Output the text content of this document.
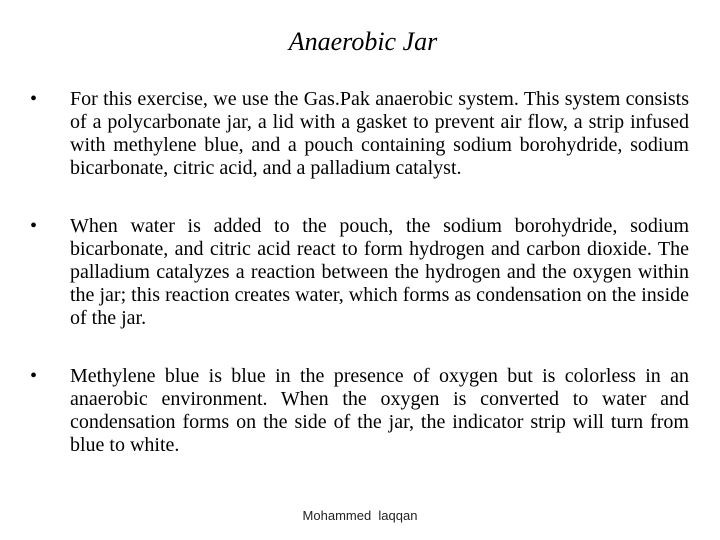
Anaerobic Jar
•	For this exercise, we use the Gas.Pak anaerobic system. This system consists of a polycarbonate jar, a lid with a gasket to prevent air flow, a strip infused with methylene blue, and a pouch containing sodium borohydride, sodium bicarbonate, citric acid, and a palladium catalyst.
•	When water is added to the pouch, the sodium borohydride, sodium bicarbonate, and citric acid react to form hydrogen and carbon dioxide. The palladium catalyzes a reaction between the hydrogen and the oxygen within the jar; this reaction creates water, which forms as condensation on the inside of the jar.
•	Methylene blue is blue in the presence of oxygen but is colorless in an anaerobic environment. When the oxygen is converted to water and condensation forms on the side of the jar, the indicator strip will turn from blue to white.
Mohammed  laqqan
